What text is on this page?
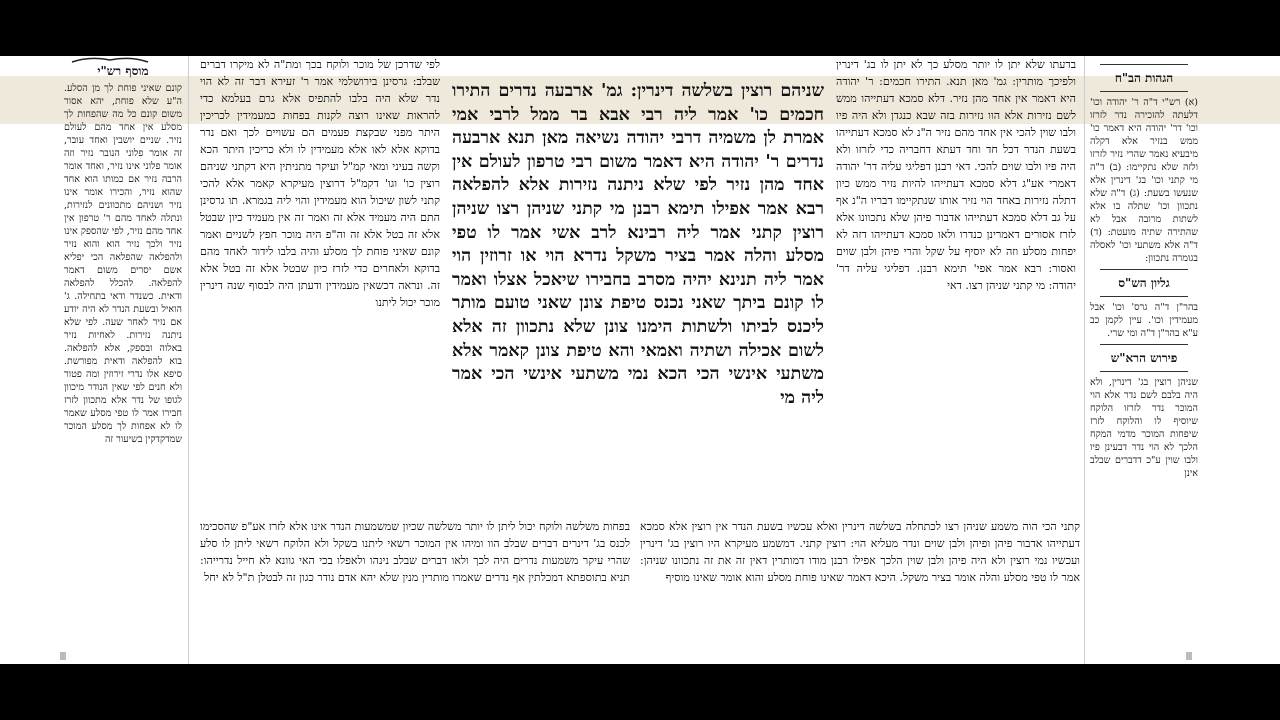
הגהות הב"ח

(א) רש"י ד"ה ר' יהודה וכו' דלעתה להזכירה נדר לזרזו וכו' דר' יהודה היא דאמר כו' ממש בנזיר אלא דקלה מיבעיא נאמר שהרי נזיר לזרזו ולזה שלא נתקיימו: (ב) ד"ה מי קתני וכו' בג' דינרין אלא שנעשו בשעת: (ג) ד"ה שלא נתכוון וכו' שתלה בו אלא לשתות מרובה אבל לא שהתירה שתיה מועטת: (ד) ד"ה אלא משתעי וכו' לאסלה בגומרה נתכוון:

גליון הש"ס

בהר"ן ד"ה גרס' וכו' אבל מעמידין וכו'. עיין לקמן כב ע"א בהר"ן ד"ה ומי שרי.

פירוש הרא"ש

שניהן רוצין בג' דינרין, ולא היה בלבם לשם נדר אלא הוי המוכר נדר לזרזו הלוקח שיוסיף לו והלוקח לזרז שיפחות המוכר מדמי המקח הלכך לא הוי נדר דבעינן פיו ולבו שוין ע"כ דדברים שבלב אינן

בדעתו שלא יתן לו יותר מסלע כך לא יתן לו בג' דינרין ולפיכך מותרין: גמ' מאן תנא. התירו חכמים: ר' יהודה היא דאמר אין אחד מהן נזיר. דלא סמכא דעתייהו ממש לשם נזירות אלא הוו נזירות בזה שבא כנגדן ולא היה פיו ולבו שוין להכי אין אחד מהם נזיר ה"נ לא סמכא דעתייהו בשעת הנדר דכל חד וחד דעתא דחבריה כדי לזרזו ולא היה פיו ולבו שוים להכי. דאי רבנן דפליגי עליה דר' יהודה דאמרי אע"ג דלא סמכא דעתייהו להיות נזיר ממש כיון דתלה נזירות באחד הוי נזיר אותו שנתקיימו דבריו ה"נ אף על גב דלא סמכא דעתייהו אדבור פיהן שלא נתכוונו אלא לזרז אסורים דאמרינן כנדרו ולאו סמכא דעתייהו דזה לא יפחות מסלע וזה לא יוסיף על שקל והרי פיהן ולבן שוים ואסור: רבא אמר אפי' תימא רבנן. דפליגי עליה דר' יהודה: מי קתני שניהן רצו. דאי

שניהם רוצין בשלשה דינרין: גמ' ארבעה נדרים התירו חכמים כו' אמר ליה רבי אבא בר ממל לרבי אמי אמרת לן משמיה דרבי יהודה נשיאה מאן תנא ארבעה נדרים ר' יהודה היא דאמר משום רבי טרפון לעולם אין אחד מהן נזיר לפי שלא ניתנה נזירות אלא להפלאה רבא אמר אפילו תימא רבנן מי קתני שניהן רצו שניהן רוצין קתני אמר ליה רבינא לרב אשי אמר לו טפי מסלע והלה אמר בציר משקל נדרא הוי או זרוזין הוי אמר ליה תנינא יהיה מסרב בחבירו שיאכל אצלו ואמר לו קונם ביתך שאני נכנס טיפת צונן שאני טועם מותר ליכנס לביתו ולשתות הימנו צונן שלא נתכוון זה אלא לשום אכילה ושתיה ואמאי והא טיפת צונן קאמר אלא משתעי אינשי הכי הכא נמי משתעי אינשי הכי אמר ליה מי

לפי שדרכן של מוכר ולוקח בכך ומת"ה לא מיקרו דברים שבלב: גרסינן בירושלמי אמר ר' זעירא דבר זה לא הוי נדר שלא היה בלבו להתפיס אלא גרם בעלמא כדי להראות שאינו רוצה לקנות בפחות כמעמידין לכריכין היתר מפני שבקצת פעמים הם עשויים לכך ואם נדר בדוקא אלא לאו אלא מעמידין לו ולא כריכין היתר הכא וקשה בעיני ומאי קמ"ל ועיקר מתניתין היא דקתני שניהם רוצין כו' וגו' דקמ"ל דרוצין מעיקרא קאמר אלא להכי קתני לשון שיכול הוא מעמידין והוי ליה בגמרא. תו גרסינן התם היה מעמיד אלא זה ואמר זה אין מעמיד כיון שבטל אלא זה בטל אלא זה וה"פ היה מוכר חפץ לשניים ואמר קונם שאיני פוחת לך מסלע והיה בלבו לידור לאחד מהם בדוקא ולאחרים כדי לזרז כיון שבטל אלא זה בטל אלא זה. ונראה דכשאין מעמידין ודעתן היה לבסוף שנה דינרין מוכר יכול ליתנו

מוסף רש"י

קונם שאיני פוחת לך מן הסלע. ה"ע שלא פוחת, יהא אסור משום קונם כל מה שהפחות לך מסלע אין אחד מהם לעולם נזיר. שניים יושבין ואחד עובר, זה אומר פלוני הנובר נזיר וזה אומר פלוני אינו נזיר, ואחד אומר הרבה נזיר אם כמותו הוא אחד שהוא נזיר, והכירו אומר אינו נזיר ושניהם מתכוונים לנזירות, ונתלה לאחד מהם ר' טרפון אין אחד מהם נזיר, לפי שהספק אינו נזיר ולכך נזיר הוא והוא נזיר ולהפלאה שהפלאה הכי יפליא אשם יסרים משום דאמר להפלאה. להכלל להפלאה ודאית. כשנדר ודאי בתחילה. ג' הואיל ובשעת הנדר לא היה יודע אם נזיר לאחר שעה. לפי שלא ניתנה נזירות. לאחיות נזיר באלוה ובספק, אלא להפלאה. בוא להפלאה ודאית מפורשת. סיפא אלו נדרי זירוזין ומה פטור ולא חנים לפי שאין הנודר מיכוון לגופו של נדר אלא מתכוון לזרז חבירו אמר לו טפי מסלע שאמר לו לא אפחות לך מסלע המוכר שמדקדקין בשיעור זה

קתני הכי הוה משמע שניהן רצו לכתחלה בשלשה דינרין ואלא עכשיו בשעת הנדר אין רוצין אלא סמכא דעתייהו אדבור פיהן ופיהן ולבן שוים ונדר מעליא הוי: רוצין קתני. דמשמע מעיקרא היו רוצין בג' דינרין ועכשיו נמי רוצין ולא היה פיהן ולבן שוין הלכך אפילו רבנן מודו דמותרין דאין זה את זה נתכוונו שניהן: אמר לו טפי מסלע והלה אומר בציר משקל. היכא דאמר שאינו פוחת מסלע והוא אומר שאינו מוסיף

בפחות משלשה ולוקח יכול ליתן לו יותר משלשה שכיון שמשמעות הנדר אינו אלא לזרז אע"פ שהסכימו לכנס בג' דינרים דברים שבלב הוו ומיהו אין המוכר רשאי ליתנו בשקל ולא הלוקח רשאי ליתן לו סלע שהרי עיקר משמעות נדרים היה לכך ולאו דברים שבלב נינהו ולאפלו בכי האי גוונא לא חייל נדרייהו: תניא בתוספתא דמכלתין אף נדרים שאמרו מותרין מנין שלא יהא אדם נודר כגון זה לבטלן ת"ל לא יחל
